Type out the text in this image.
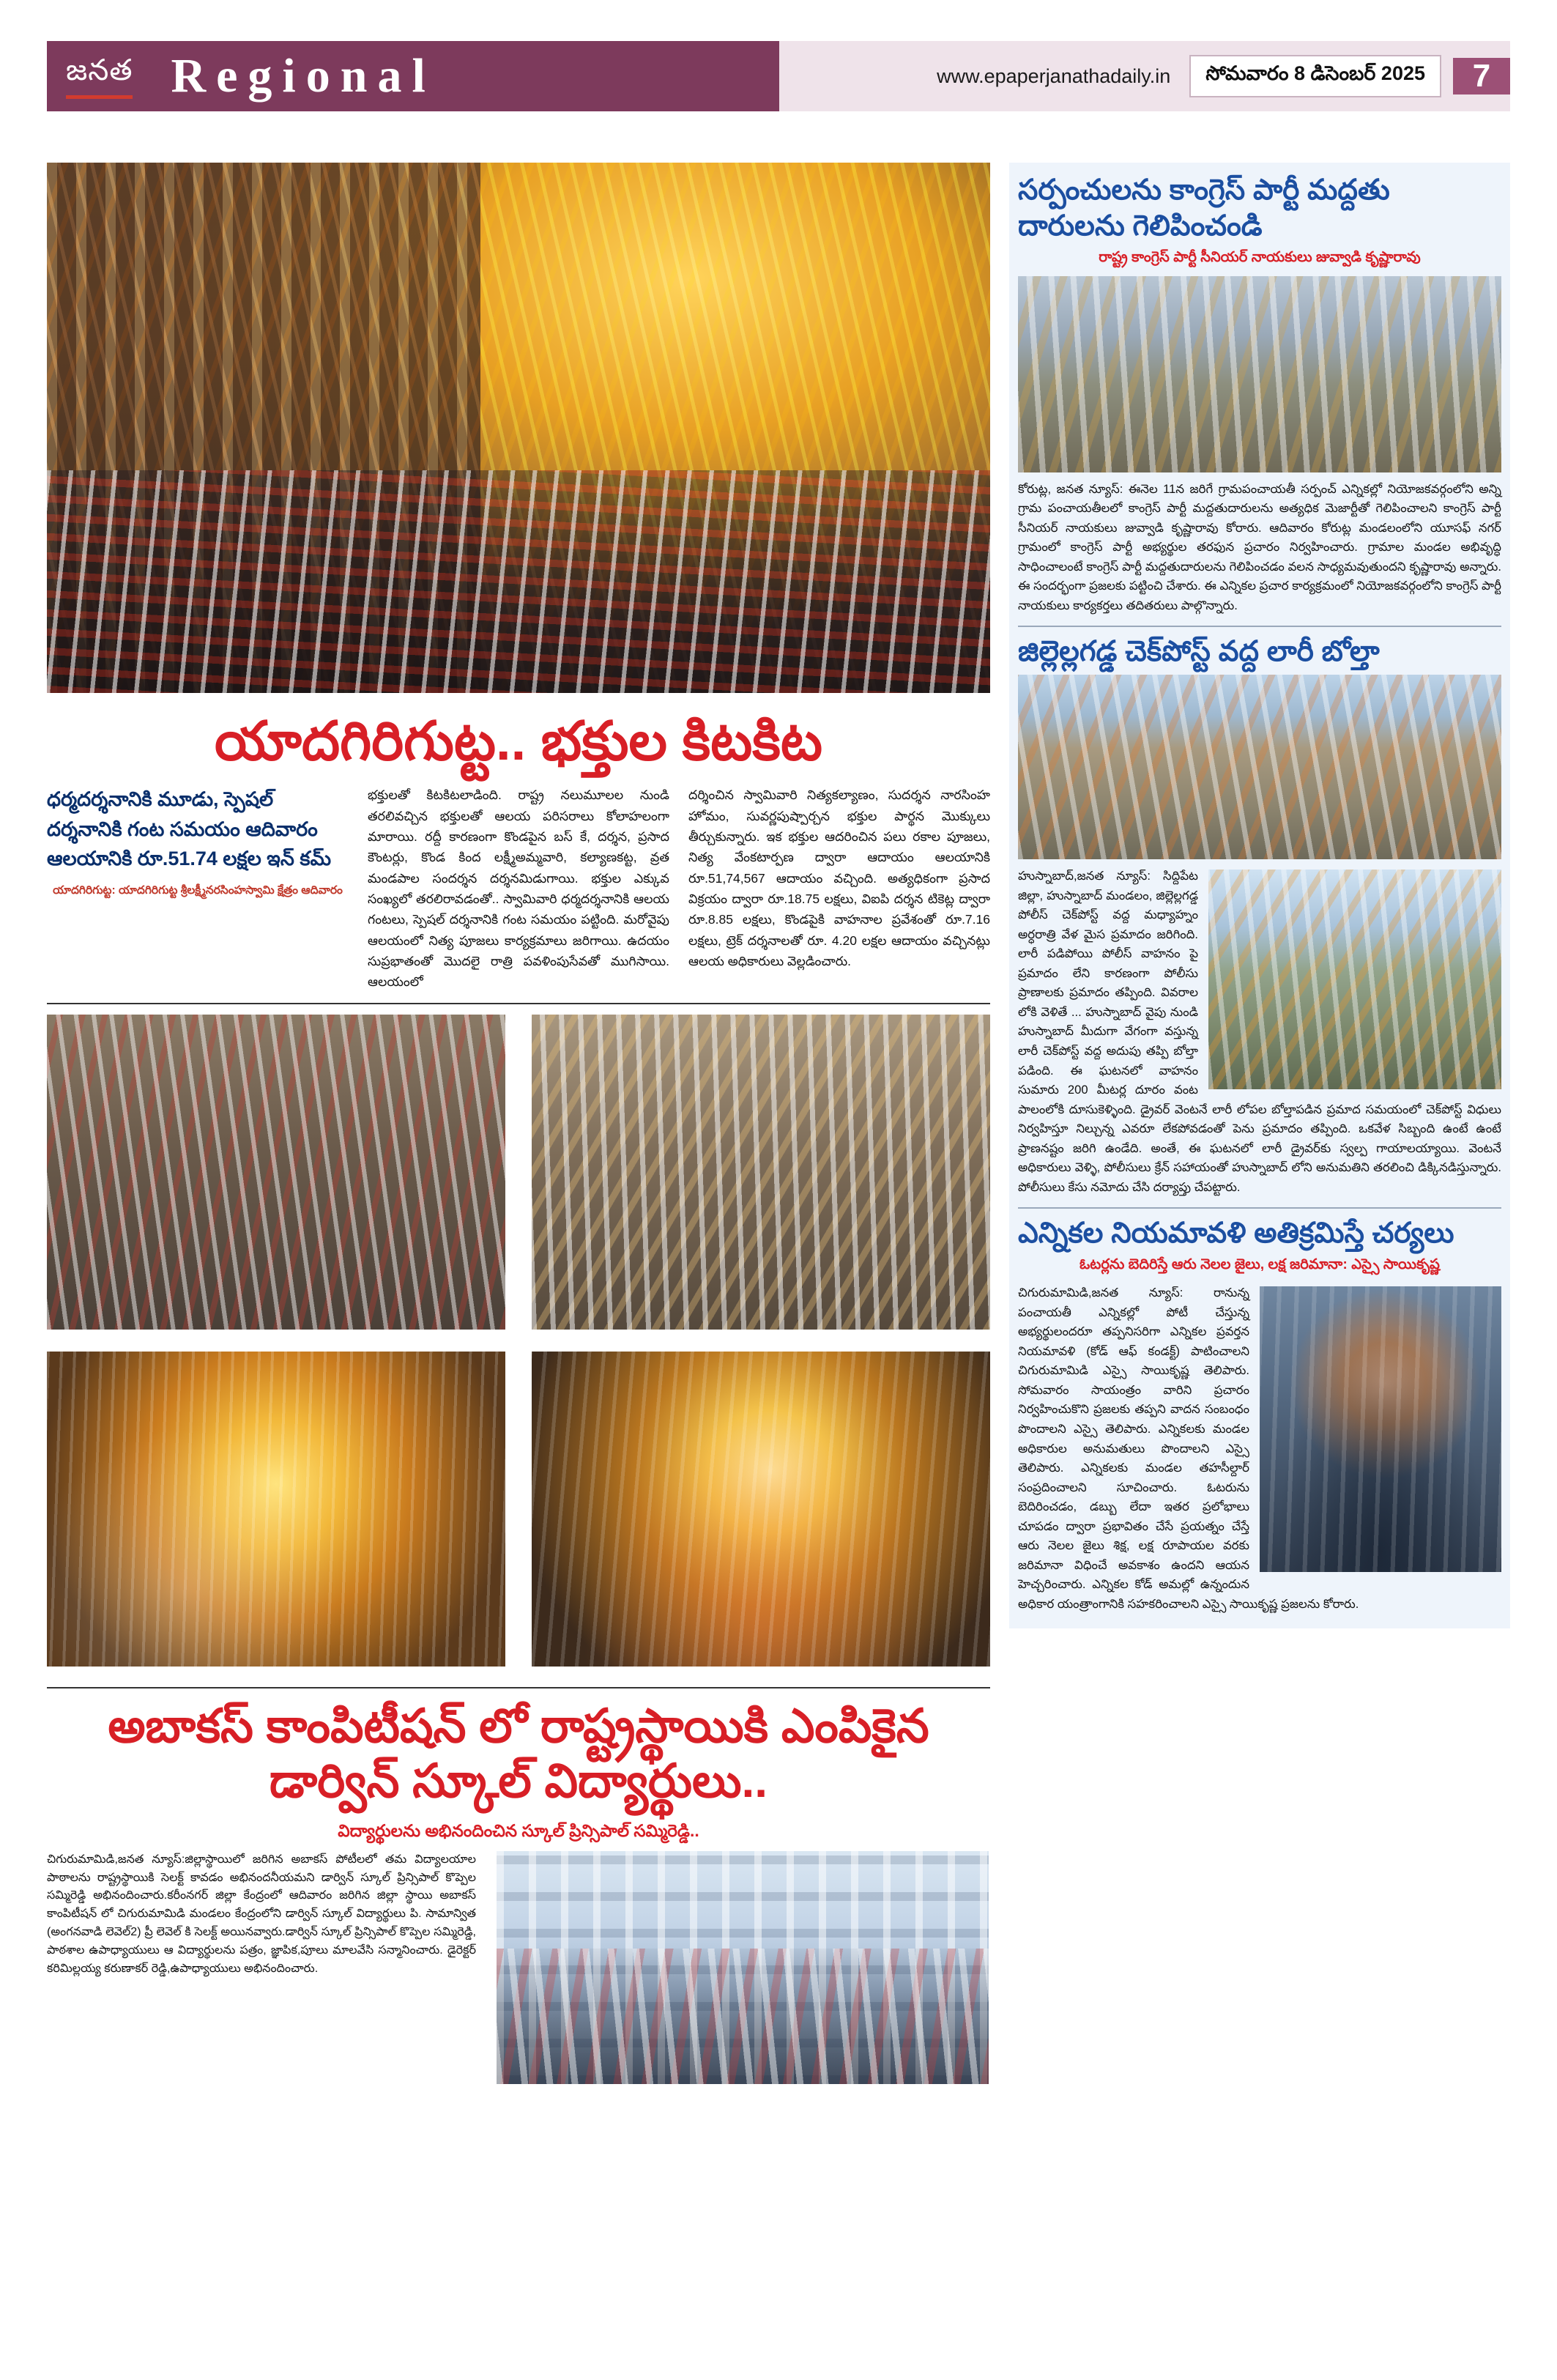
జనత Regional	www.epaperjanathadaily.in	సోమవారం 8 డిసెంబర్ 2025	7
యాదగిరిగుట్ట.. భక్తుల కిటకిట
ధర్మదర్శనానికి మూడు, స్పెషల్ దర్శనానికి గంట సమయం ఆదివారం ఆలయానికి రూ.51.74 లక్షల ఇన్ కమ్
యాదగిరిగుట్ట: యాదగిరిగుట్ట శ్రీలక్ష్మీనరసింహస్వామి క్షేత్రం ఆదివారం
భక్తులతో కిటకిటలాడింది. రాష్ట్ర నలుమూలల నుండి తరలివచ్చిన భక్తులతో ఆలయ పరిసరాలు కోలాహలంగా మారాయి. రద్దీ కారణంగా కొండపైన బస్ కే, దర్శన, ప్రసాద కౌంటర్లు, కొండ కింద లక్ష్మీఅమ్మవారి, కల్యాణకట్ట, వ్రత మండపాల సందర్శన దర్శనమిడుగాయి. భక్తుల ఎక్కువ సంఖ్యలో తరలిరావడంతో.. స్వామివారి ధర్మదర్శనానికి ఆలయ గంటలు, స్పెషల్ దర్శనానికి గంట సమయం పట్టింది. మరోవైపు ఆలయంలో నిత్య పూజలు కార్యక్రమాలు జరిగాయి. ఉదయం సుప్రభాతంతో మొదలై రాత్రి పవళింపుసేవతో ముగిసాయి. ఆలయంలో
దర్శించిన స్వామివారి నిత్యకల్యాణం, సుదర్శన నారసింహ హోమం, సువర్ణపుష్పార్చన భక్తుల పార్థన మొక్కులు తీర్చుకున్నారు. ఇక భక్తుల ఆదరించిన పలు రకాల పూజలు, నిత్య వేంకటార్పణ ద్వారా ఆదాయం ఆలయానికి రూ.51,74,567 ఆదాయం వచ్చింది. అత్యధికంగా ప్రసాద విక్రయం ద్వారా రూ.18.75 లక్షలు, విఐపి దర్శన టికెట్ల ద్వారా రూ.8.85 లక్షలు, కొండపైకి వాహనాల ప్రవేశంతో రూ.7.16 లక్షలు, ట్రెక్ దర్శనాలతో రూ. 4.20 లక్షల ఆదాయం వచ్చినట్లు ఆలయ అధికారులు వెల్లడించారు.
అబాకస్ కాంపిటీషన్ లో రాష్ట్రస్థాయికి ఎంపికైన డార్విన్ స్కూల్ విద్యార్థులు..
విద్యార్థులను అభినందించిన స్కూల్ ప్రిన్సిపాల్ సమ్మిరెడ్డి..
చిగురుమామిడి,జనత న్యూస్:జిల్లాస్థాయిలో జరిగిన అబాకస్ పోటీలలో తమ విద్యాలయాల పాఠాలను రాష్ట్రస్థాయికి సెలక్ట్ కావడం అభినందనీయమని డార్విన్ స్కూల్ ప్రిన్సిపాల్ కొప్పెల సమ్మిరెడ్డి అభినందించారు.కరీంనగర్ జిల్లా కేంద్రంలో ఆదివారం జరిగిన జిల్లా స్థాయి అబాకస్ కాంపిటీషన్ లో చిగురుమామిడి మండలం కేంద్రంలోని డార్విన్ స్కూల్ విద్యార్థులు పి. సామాన్విత (అంగనవాడి లెవెల్2) ప్రీ లెవెల్ కి సెలక్ట్ అయినవ్వారు.డార్విన్ స్కూల్ ప్రిన్సిపాల్ కొప్పెల సమ్మిరెడ్డి, పాఠశాల ఉపాధ్యాయులు ఆ విద్యార్థులను పత్రం, జ్ఞాపిక,పూలు మాలవేసి సన్మానించారు. డైరెక్టర్ కరిమిల్లయ్య కరుణాకర్ రెడ్డి,ఉపాధ్యాయులు అభినందించారు.
సర్పంచులను కాంగ్రెస్ పార్టీ మద్దతు దారులను గెలిపించండి
రాష్ట్ర కాంగ్రెస్ పార్టీ సీనియర్ నాయకులు జువ్వాడి కృష్ణారావు
కోరుట్ల, జనత న్యూస్: ఈనెల 11న జరిగే గ్రామపంచాయతీ సర్పంచ్ ఎన్నికల్లో నియోజకవర్గంలోని అన్ని గ్రామ పంచాయతీలలో కాంగ్రెస్ పార్టీ మద్దతుదారులను అత్యధిక మెజార్టీతో గెలిపించాలని కాంగ్రెస్ పార్టీ సీనియర్ నాయకులు జువ్వాడి కృష్ణారావు కోరారు. ఆదివారం కోరుట్ల మండలంలోని యూసఫ్ నగర్ గ్రామంలో కాంగ్రెస్ పార్టీ అభ్యర్థుల తరఫున ప్రచారం నిర్వహించారు. గ్రామాల మండల అభివృద్ధి సాధించాలంటే కాంగ్రెస్ పార్టీ మద్దతుదారులను గెలిపించడం వలన సాధ్యమవుతుందని కృష్ణారావు అన్నారు. ఈ సందర్భంగా ప్రజలకు పట్టించి చేశారు. ఈ ఎన్నికల ప్రచార కార్యక్రమంలో నియోజకవర్గంలోని కాంగ్రెస్ పార్టీ నాయకులు కార్యకర్తలు తదితరులు పాల్గొన్నారు.
జిల్లెల్లగడ్డ చెక్‌పోస్ట్ వద్ద లారీ బోల్తా
హుస్నాబాద్,జనత న్యూస్: సిద్దిపేట జిల్లా, హుస్నాబాద్ మండలం, జిల్లెల్లగడ్డ పోలీస్ చెక్‌పోస్ట్ వద్ద మధ్యాహ్నం అర్ధరాత్రి వేళ మైస ప్రమాదం జరిగింది. లారీ పడిపోయి పోలీస్ వాహనం పై ప్రమాదం లేని కారణంగా పోలీసు ప్రాణాలకు ప్రమాదం తప్పింది. వివరాల లోకి వెళితే ... హుస్నాబాద్ వైపు నుండి హుస్నాబాద్ మీదుగా వేగంగా వస్తున్న లారీ చెక్‌పోస్ట్ వద్ద అదుపు తప్పి బోల్తా పడింది. ఈ ఘటనలో వాహనం సుమారు 200 మీటర్ల దూరం వంట పాలంలోకి దూసుకెళ్ళింది. డ్రైవర్ వెంటనే లారీ లోపల బోల్తాపడిన ప్రమాద సమయంలో చెక్‌పోస్ట్ విధులు నిర్వహిస్తూ నిల్చున్న ఎవరూ లేకపోవడంతో పెను ప్రమాదం తప్పింది. ఒకవేళ సిబ్బంది ఉంటే ఉంటే ప్రాణనష్టం జరిగి ఉండేది. అంతే, ఈ ఘటనలో లారీ డ్రైవర్‌కు స్వల్ప గాయాలయ్యాయి. వెంటనే అధికారులు వెళ్ళి, పోలీసులు క్రేన్ సహాయంతో హుస్నాబాద్ లోని అనుమతిని తరలించి డిక్కినడిస్తున్నారు. పోలీసులు కేసు నమోదు చేసి దర్యాప్తు చేపట్టారు.
ఎన్నికల నియమావళి అతిక్రమిస్తే చర్యలు
ఓటర్లను బెదిరిస్తే ఆరు నెలల జైలు, లక్ష జరిమానా: ఎస్సై సాయికృష్ణ
చిగురుమామిడి,జనత న్యూస్: రానున్న పంచాయతీ ఎన్నికల్లో పోటీ చేస్తున్న అభ్యర్థులందరూ తప్పనిసరిగా ఎన్నికల ప్రవర్తన నియమావళి (కోడ్ ఆఫ్ కండక్ట్) పాటించాలని చిగురుమామిడి ఎస్సై సాయికృష్ణ తెలిపారు. సోమవారం సాయంత్రం వారిని ప్రచారం నిర్వహించుకొని ప్రజలకు తప్పని వాదన సంబంధం పొందాలని ఎస్సై తెలిపారు. ఎన్నికలకు మండల అధికారుల అనుమతులు పొందాలని ఎస్సై తెలిపారు. ఎన్నికలకు మండల తహసీల్దార్ సంప్రదించాలని సూచించారు. ఓటరును బెదిరించడం, డబ్బు లేదా ఇతర ప్రలోభాలు చూపడం ద్వారా ప్రభావితం చేసే ప్రయత్నం చేస్తే ఆరు నెలల జైలు శిక్ష, లక్ష రూపాయల వరకు జరిమానా విధించే అవకాశం ఉందని ఆయన హెచ్చరించారు. ఎన్నికల కోడ్ అమల్లో ఉన్నందున అధికార యంత్రాంగానికి సహకరించాలని ఎస్సై సాయికృష్ణ ప్రజలను కోరారు.
